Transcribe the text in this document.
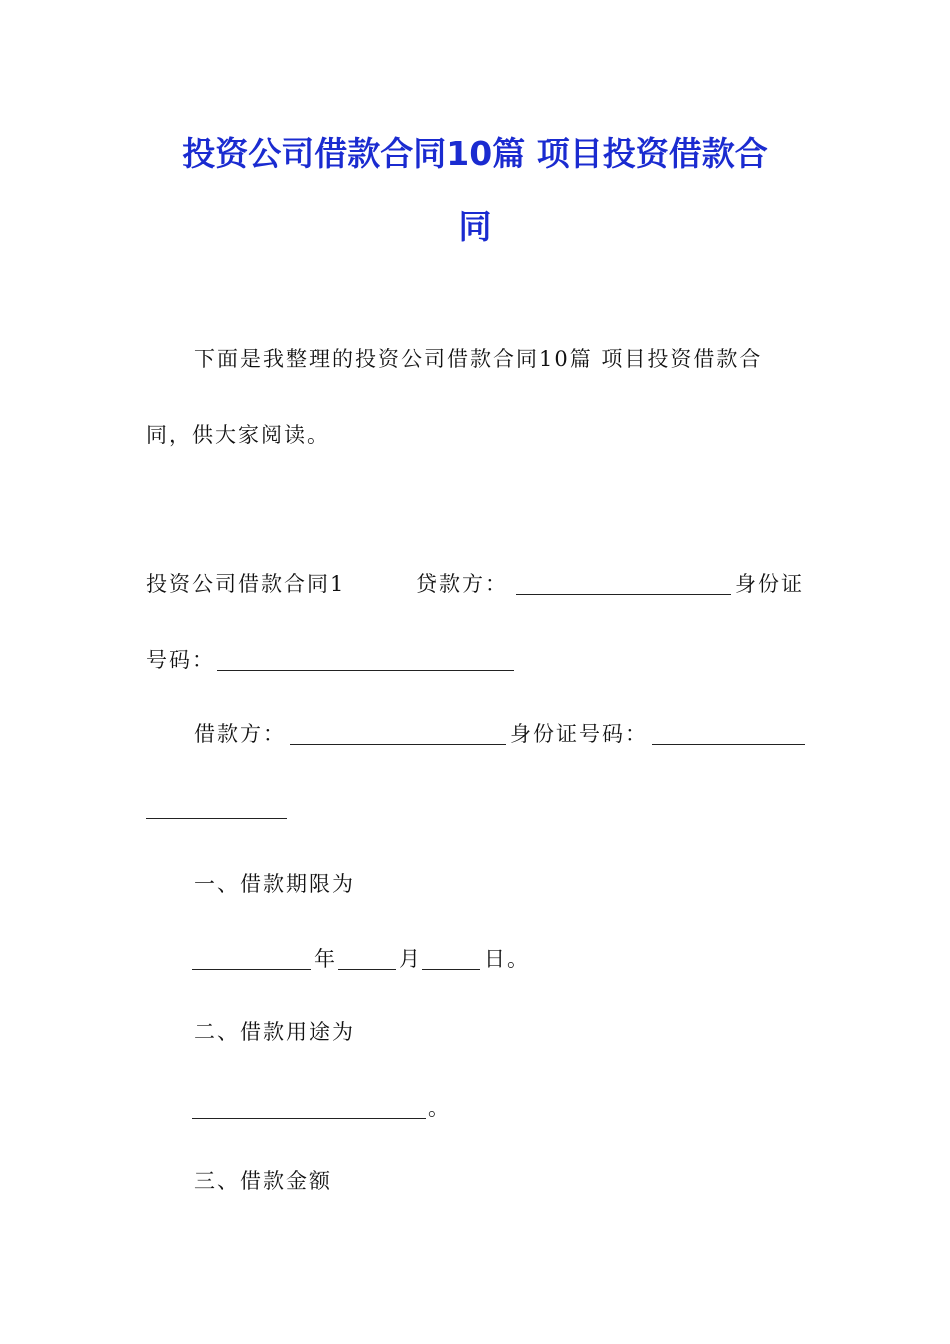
投资公司借款合同10篇 项目投资借款合
同
下面是我整理的投资公司借款合同10篇 项目投资借款合
同，供大家阅读。
投资公司借款合同1	贷款方：	身份证
号码：
借款方：	身份证号码：
一、借款期限为
年	月	日。
二、借款用途为
。
三、借款金额
